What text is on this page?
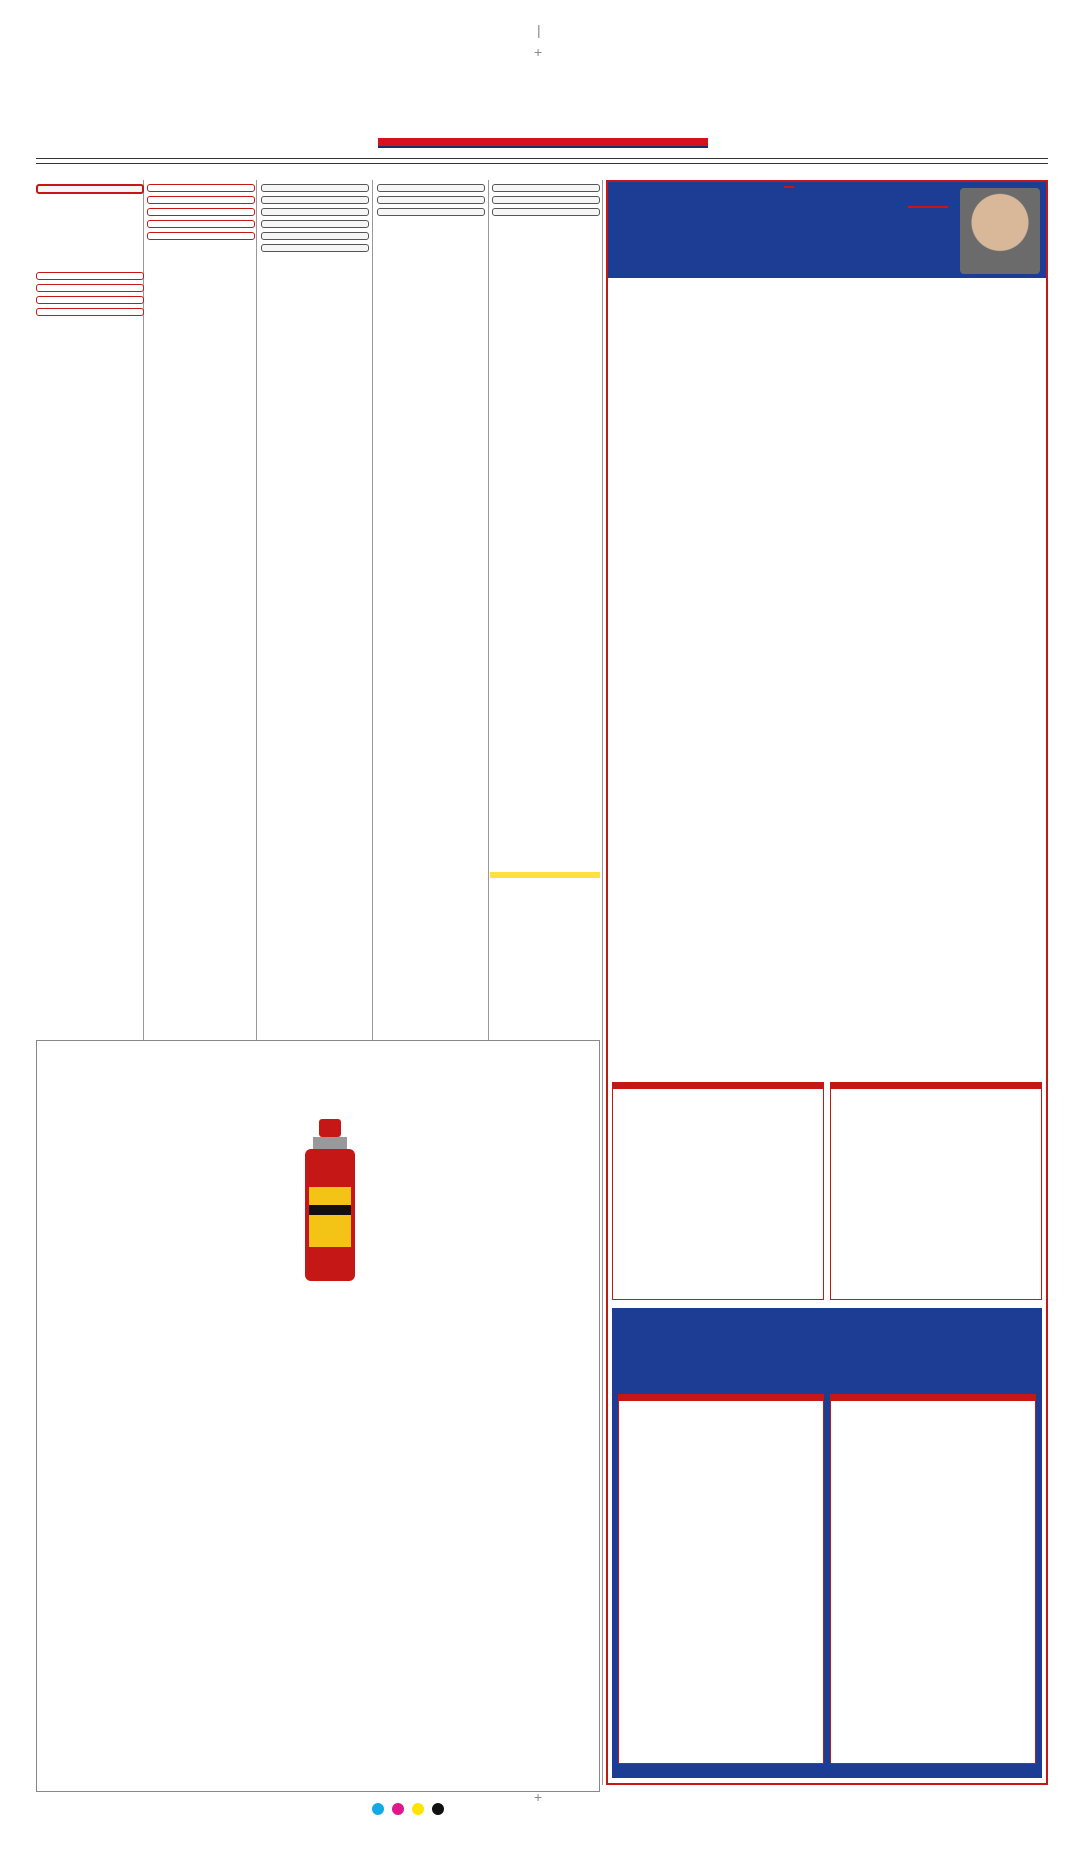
|
+
+
